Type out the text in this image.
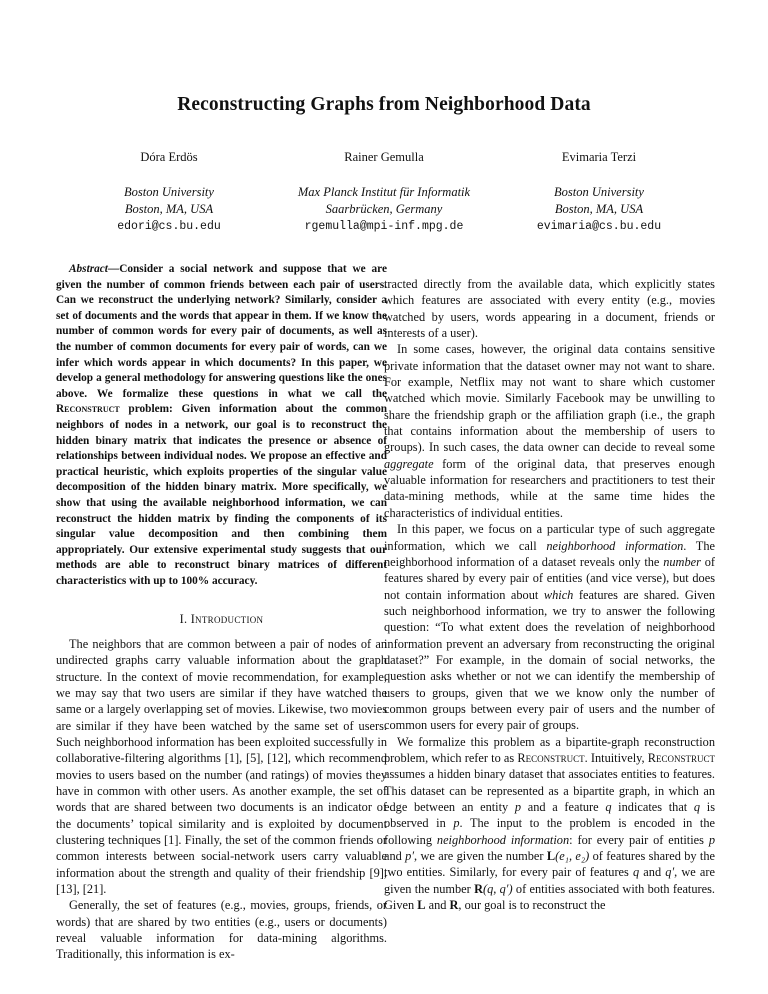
Reconstructing Graphs from Neighborhood Data
Dóra Erdös
Boston University
Boston, MA, USA
edori@cs.bu.edu
Rainer Gemulla
Max Planck Institut für Informatik
Saarbrücken, Germany
rgemulla@mpi-inf.mpg.de
Evimaria Terzi
Boston University
Boston, MA, USA
evimaria@cs.bu.edu

Abstract—Consider a social network and suppose that we are given the number of common friends between each pair of users. Can we reconstruct the underlying network? Similarly, consider a set of documents and the words that appear in them. If we know the number of common words for every pair of documents, as well as the number of common documents for every pair of words, can we infer which words appear in which documents? In this paper, we develop a general methodology for answering questions like the ones above. We formalize these questions in what we call the Reconstruct problem: Given information about the common neighbors of nodes in a network, our goal is to reconstruct the hidden binary matrix that indicates the presence or absence of relationships between individual nodes. We propose an effective and practical heuristic, which exploits properties of the singular value decomposition of the hidden binary matrix. More specifically, we show that using the available neighborhood information, we can reconstruct the hidden matrix by finding the components of its singular value decomposition and then combining them appropriately. Our extensive experimental study suggests that our methods are able to reconstruct binary matrices of different characteristics with up to 100% accuracy.

I. Introduction

The neighbors that are common between a pair of nodes of an undirected graphs carry valuable information about the graph structure. In the context of movie recommendation, for example, we may say that two users are similar if they have watched the same or a largely overlapping set of movies. Likewise, two movies are similar if they have been watched by the same set of users. Such neighborhood information has been exploited successfully in collaborative-filtering algorithms [1], [5], [12], which recommend movies to users based on the number (and ratings) of movies they have in common with other users. As another example, the set of words that are shared between two documents is an indicator of the documents’ topical similarity and is exploited by document clustering techniques [1]. Finally, the set of the common friends or common interests between social-network users carry valuable information about the strength and quality of their friendship [9], [13], [21].

Generally, the set of features (e.g., movies, groups, friends, or words) that are shared by two entities (e.g., users or documents) reveal valuable information for data-mining algorithms. Traditionally, this information is ex-

tracted directly from the available data, which explicitly states which features are associated with every entity (e.g., movies watched by users, words appearing in a document, friends or interests of a user).

In some cases, however, the original data contains sensitive private information that the dataset owner may not want to share. For example, Netflix may not want to share which customer watched which movie. Similarly Facebook may be unwilling to share the friendship graph or the affiliation graph (i.e., the graph that contains information about the membership of users to groups). In such cases, the data owner can decide to reveal some aggregate form of the original data, that preserves enough valuable information for researchers and practitioners to test their data-mining methods, while at the same time hides the characteristics of individual entities.

In this paper, we focus on a particular type of such aggregate information, which we call neighborhood information. The neighborhood information of a dataset reveals only the number of features shared by every pair of entities (and vice verse), but does not contain information about which features are shared. Given such neighborhood information, we try to answer the following question: “To what extent does the revelation of neighborhood information prevent an adversary from reconstructing the original dataset?” For example, in the domain of social networks, the question asks whether or not we can identify the membership of users to groups, given that we we know only the number of common groups between every pair of users and the number of common users for every pair of groups.

We formalize this problem as a bipartite-graph reconstruction problem, which refer to as Reconstruct. Intuitively, Reconstruct assumes a hidden binary dataset that associates entities to features. This dataset can be represented as a bipartite graph, in which an edge between an entity p and a feature q indicates that q is observed in p. The input to the problem is encoded in the following neighborhood information: for every pair of entities p and p′, we are given the number L(e₁, e₂) of features shared by the two entities. Similarly, for every pair of features q and q′, we are given the number R(q, q′) of entities associated with both features. Given L and R, our goal is to reconstruct the
